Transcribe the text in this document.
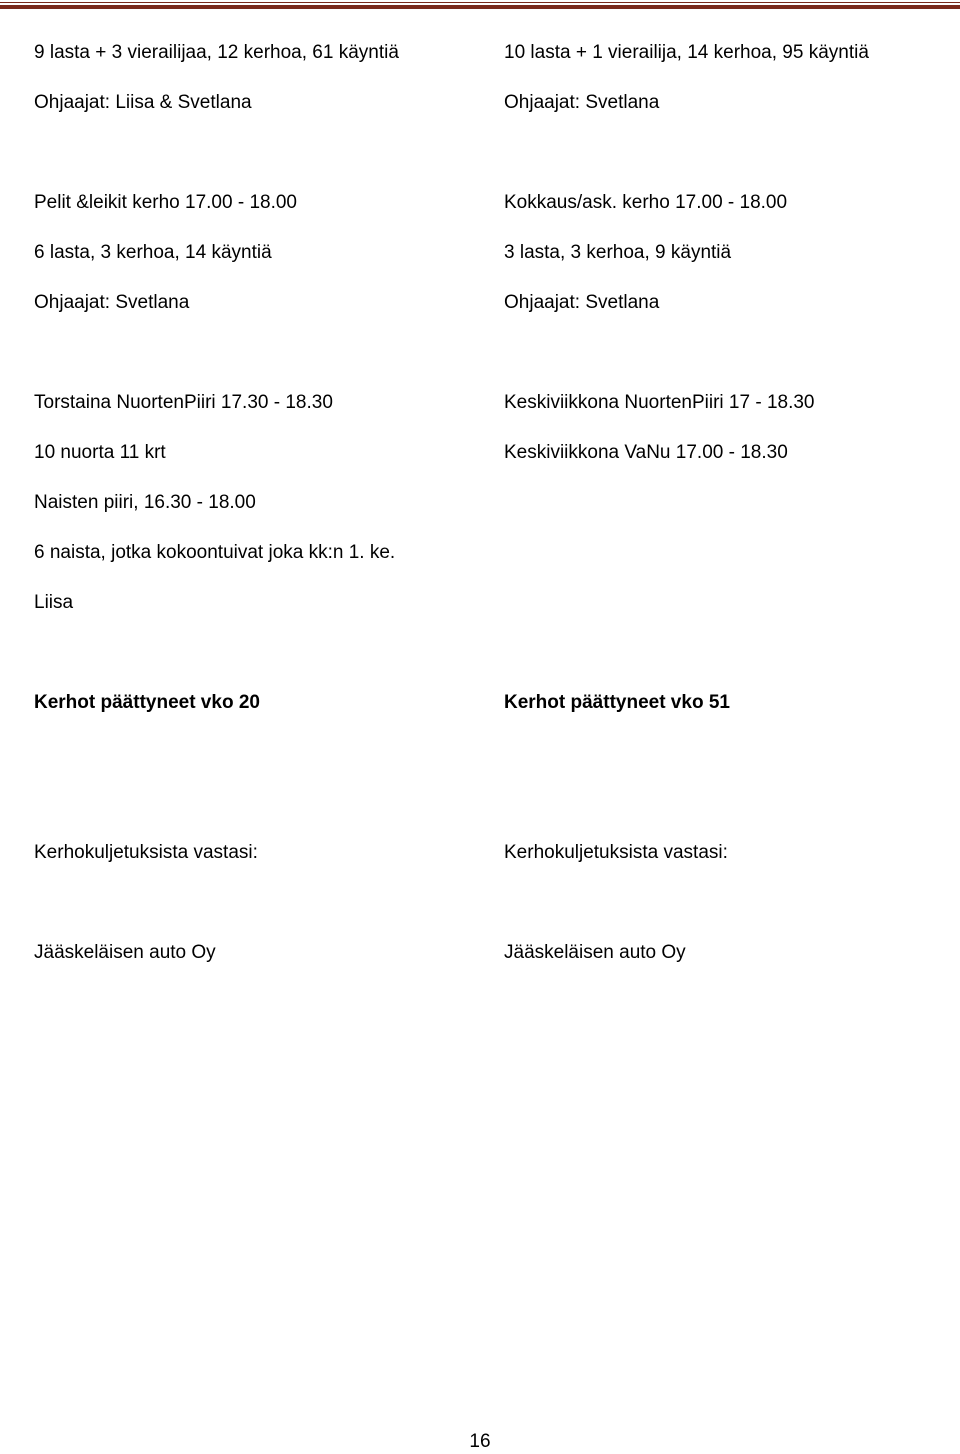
9 lasta + 3 vierailijaa, 12 kerhoa, 61 käyntiä
Ohjaajat: Liisa & Svetlana
Pelit &leikit kerho 17.00 - 18.00
6 lasta, 3 kerhoa, 14 käyntiä
Ohjaajat: Svetlana
Torstaina NuortenPiiri 17.30 - 18.30
10 nuorta 11 krt
Naisten piiri, 16.30 - 18.00
6 naista, jotka kokoontuivat joka kk:n 1. ke.
Liisa
Kerhot päättyneet vko 20
Kerhokuljetuksista vastasi:
Jääskeläisen auto Oy
10 lasta + 1 vierailija, 14 kerhoa, 95 käyntiä
Ohjaajat: Svetlana
Kokkaus/ask. kerho 17.00 - 18.00
3 lasta, 3 kerhoa, 9 käyntiä
Ohjaajat: Svetlana
Keskiviikkona NuortenPiiri 17 - 18.30
Keskiviikkona VaNu 17.00 - 18.30
Kerhot päättyneet vko 51
Kerhokuljetuksista vastasi:
Jääskeläisen auto Oy
16
